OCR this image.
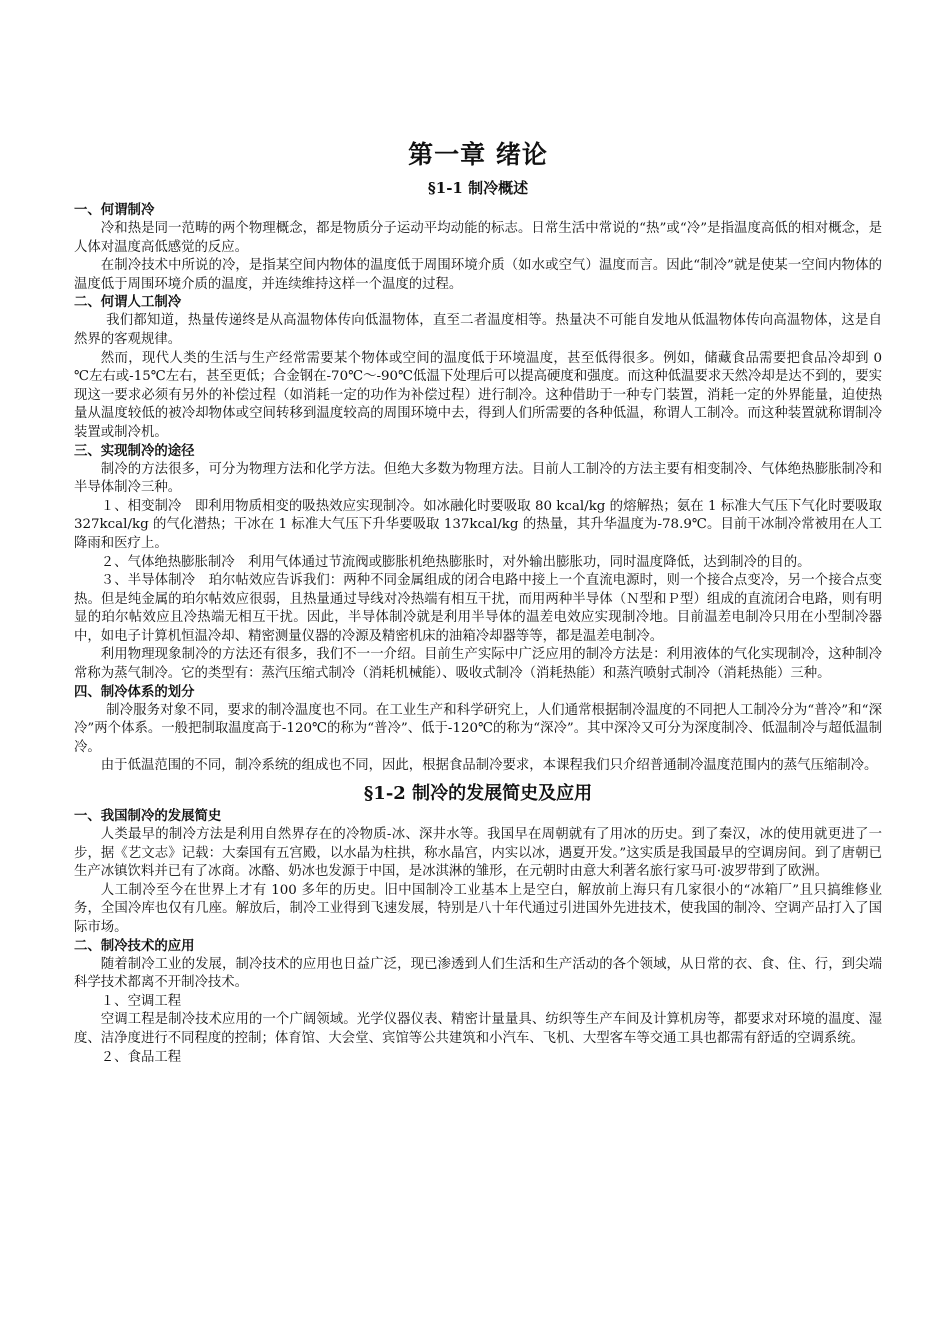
第一章 绪论
§1-1 制冷概述
一、何谓制冷

冷和热是同一范畴的两个物理概念，都是物质分子运动平均动能的标志。日常生活中常说的“热”或“冷”是指温度高低的相对概念，是人体对温度高低感觉的反应。

在制冷技术中所说的冷，是指某空间内物体的温度低于周围环境介质（如水或空气）温度而言。因此“制冷”就是使某一空间内物体的温度低于周围环境介质的温度，并连续维持这样一个温度的过程。

二、何谓人工制冷

我们都知道，热量传递终是从高温物体传向低温物体，直至二者温度相等。热量决不可能自发地从低温物体传向高温物体，这是自然界的客观规律。

然而，现代人类的生活与生产经常需要某个物体或空间的温度低于环境温度，甚至低得很多。例如，储藏食品需要把食品冷却到 0 ℃左右或-15℃左右，甚至更低；合金钢在-70℃～-90℃低温下处理后可以提高硬度和强度。而这种低温要求天然冷却是达不到的，要实现这一要求必须有另外的补偿过程（如消耗一定的功作为补偿过程）进行制冷。这种借助于一种专门装置，消耗一定的外界能量，迫使热量从温度较低的被冷却物体或空间转移到温度较高的周围环境中去，得到人们所需要的各种低温，称谓人工制冷。而这种装置就称谓制冷装置或制冷机。

三、实现制冷的途径

制冷的方法很多，可分为物理方法和化学方法。但绝大多数为物理方法。目前人工制冷的方法主要有相变制冷、气体绝热膨胀制冷和半导体制冷三种。

１、相变制冷　即利用物质相变的吸热效应实现制冷。如冰融化时要吸取 80 kcal/kg 的熔解热；氨在 1 标准大气压下气化时要吸取 327kcal/kg 的气化潜热；干冰在 1 标准大气压下升华要吸取 137kcal/kg 的热量，其升华温度为-78.9℃。目前干冰制冷常被用在人工降雨和医疗上。

２、气体绝热膨胀制冷　利用气体通过节流阀或膨胀机绝热膨胀时，对外输出膨胀功，同时温度降低，达到制冷的目的。

３、半导体制冷　珀尔帖效应告诉我们：两种不同金属组成的闭合电路中接上一个直流电源时，则一个接合点变冷，另一个接合点变热。但是纯金属的珀尔帖效应很弱，且热量通过导线对冷热端有相互干扰，而用两种半导体（Ｎ型和Ｐ型）组成的直流闭合电路，则有明显的珀尔帖效应且冷热端无相互干扰。因此，半导体制冷就是利用半导体的温差电效应实现制冷地。目前温差电制冷只用在小型制冷器中，如电子计算机恒温冷却、精密测量仪器的冷源及精密机床的油箱冷却器等等，都是温差电制冷。

利用物理现象制冷的方法还有很多，我们不一一介绍。目前生产实际中广泛应用的制冷方法是：利用液体的气化实现制冷，这种制冷常称为蒸气制冷。它的类型有：蒸汽压缩式制冷（消耗机械能）、吸收式制冷（消耗热能）和蒸汽喷射式制冷（消耗热能）三种。

四、制冷体系的划分

制冷服务对象不同，要求的制冷温度也不同。在工业生产和科学研究上，人们通常根据制冷温度的不同把人工制冷分为“普冷”和“深冷”两个体系。一般把制取温度高于-120℃的称为“普冷”、低于-120℃的称为“深冷”。其中深冷又可分为深度制冷、低温制冷与超低温制冷。

由于低温范围的不同，制冷系统的组成也不同，因此，根据食品制冷要求，本课程我们只介绍普通制冷温度范围内的蒸气压缩制冷。

§1-2 制冷的发展简史及应用
一、我国制冷的发展简史

人类最早的制冷方法是利用自然界存在的冷物质-冰、深井水等。我国早在周朝就有了用冰的历史。到了秦汉，冰的使用就更进了一步，据《艺文志》记载：大秦国有五宫殿，以水晶为柱拱，称水晶宫，内实以冰，遇夏开发。”这实质是我国最早的空调房间。到了唐朝已生产冰镇饮料并已有了冰商。冰酪、奶冰也发源于中国，是冰淇淋的雏形，在元朝时由意大利著名旅行家马可·波罗带到了欧洲。

人工制冷至今在世界上才有 100 多年的历史。旧中国制冷工业基本上是空白，解放前上海只有几家很小的“冰箱厂”且只搞维修业务，全国冷库也仅有几座。解放后，制冷工业得到飞速发展，特别是八十年代通过引进国外先进技术，使我国的制冷、空调产品打入了国际市场。

二、制冷技术的应用

随着制冷工业的发展，制冷技术的应用也日益广泛，现已渗透到人们生活和生产活动的各个领域，从日常的衣、食、住、行，到尖端科学技术都离不开制冷技术。

１、空调工程

空调工程是制冷技术应用的一个广阔领域。光学仪器仪表、精密计量量具、纺织等生产车间及计算机房等，都要求对环境的温度、湿度、洁净度进行不同程度的控制；体育馆、大会堂、宾馆等公共建筑和小汽车、飞机、大型客车等交通工具也都需有舒适的空调系统。

２、食品工程
